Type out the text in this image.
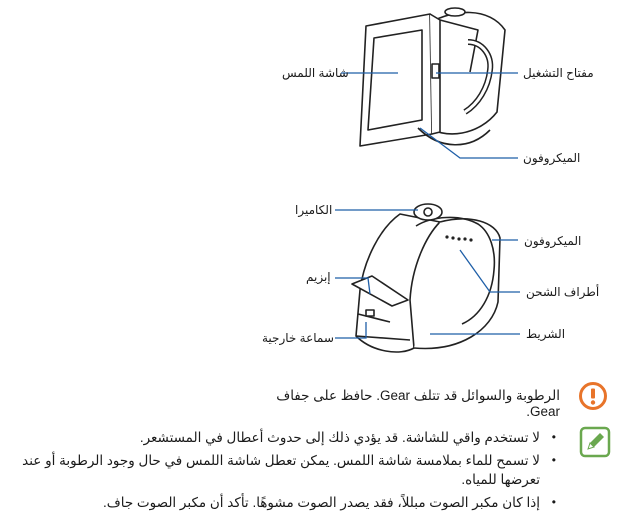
شاشة اللمس	مفتاح التشغيل
الميكروفون
الكاميرا
الميكروفون
إبزيم
أطراف الشحن
سماعة خارجية	الشريط
الرطوبة والسوائل قد تتلف Gear. حافظ على جفاف Gear.
• لا تستخدم واقي للشاشة. قد يؤدي ذلك إلى حدوث أعطال في المستشعر.
• لا تسمح للماء بملامسة شاشة اللمس. يمكن تعطل شاشة اللمس في حال وجود الرطوبة أو عند تعرضها للمياه.
• إذا كان مكبر الصوت مبللاً، فقد يصدر الصوت مشوهًا. تأكد أن مكبر الصوت جاف.
